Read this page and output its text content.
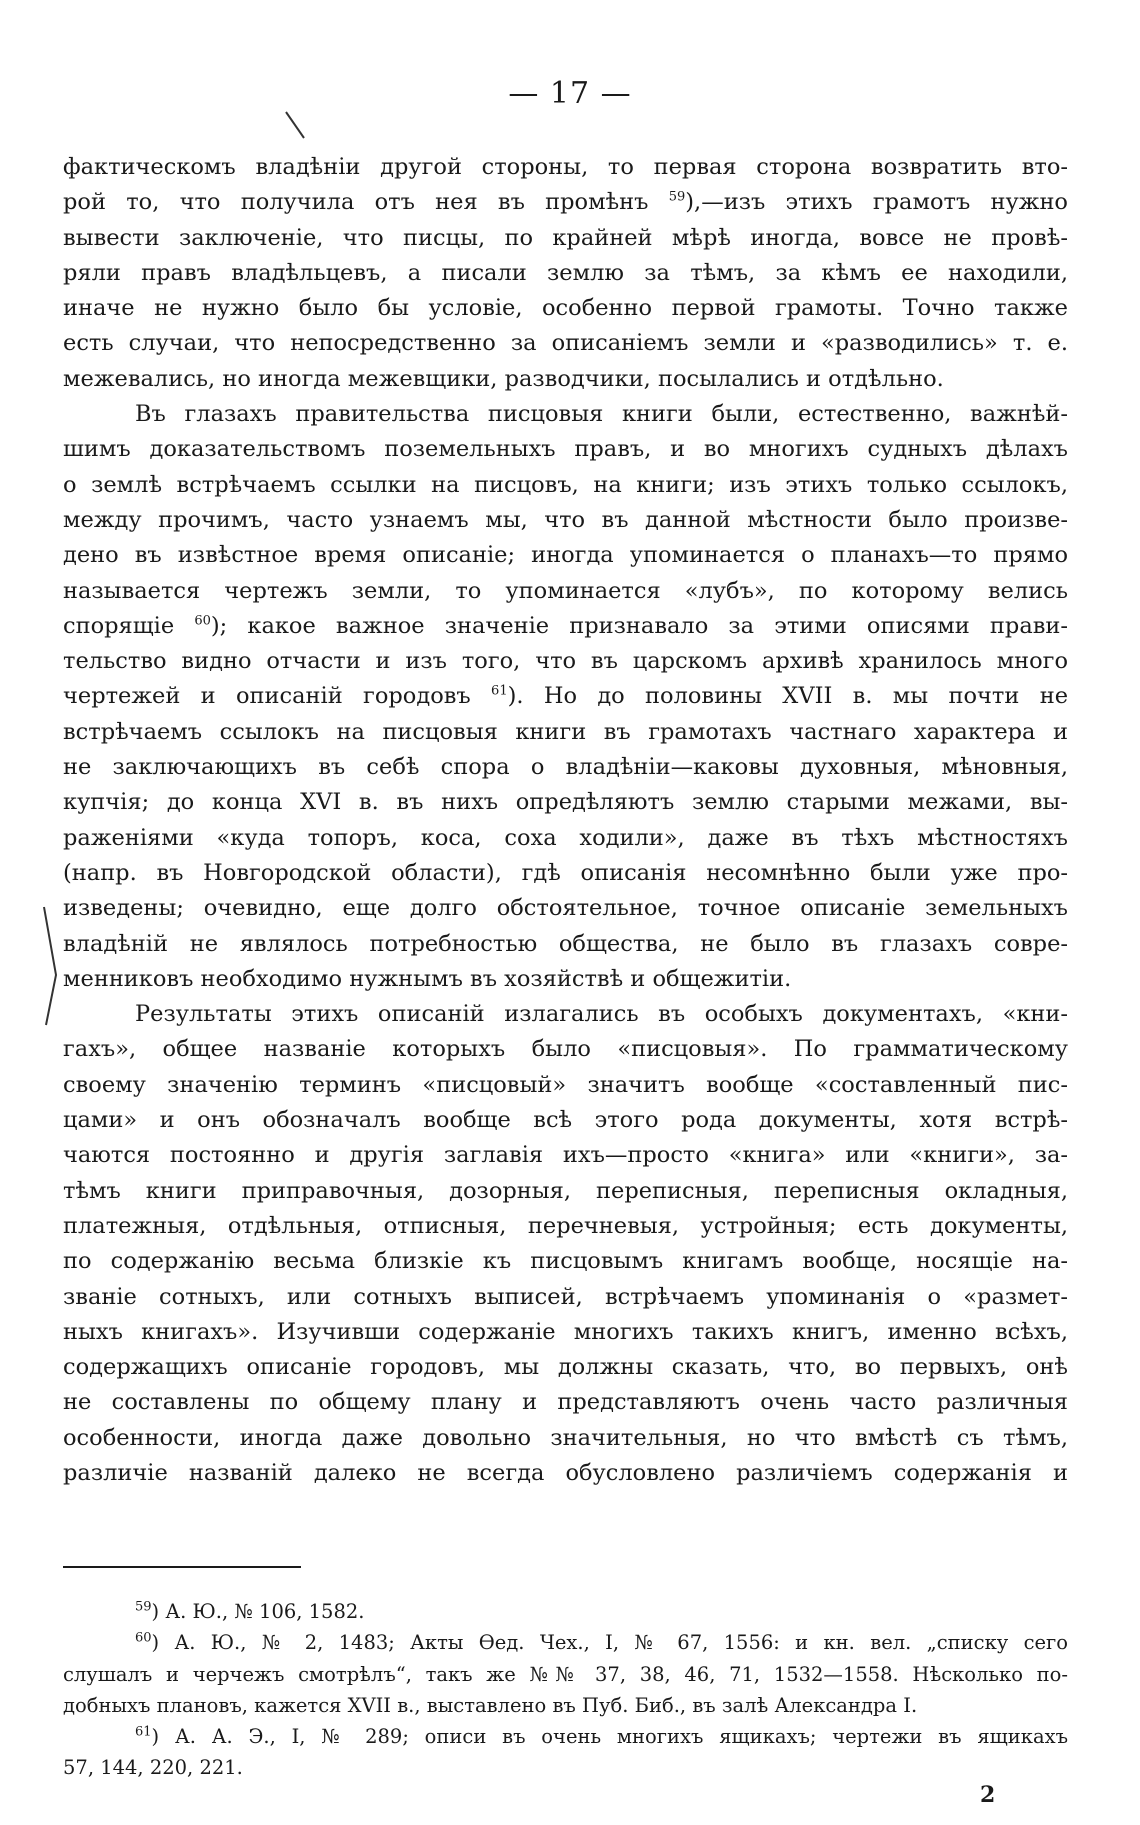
— 17 —
фактическомъ владѣніи другой стороны, то первая сторона возвратить вто-
рой то, что получила отъ нея въ промѣнъ $^{59}$),—изъ этихъ грамотъ нужно
вывести заключеніе, что писцы, по крайней мѣрѣ иногда, вовсе не провѣ-
ряли правъ владѣльцевъ, а писали землю за тѣмъ, за кѣмъ ее находили,
иначе не нужно было бы условіе, особенно первой грамоты. Точно также
есть случаи, что непосредственно за описаніемъ земли и «разводились» т. е.
межевались, но иногда межевщики, разводчики, посылались и отдѣльно.
Въ глазахъ правительства писцовыя книги были, естественно, важнѣй-
шимъ доказательствомъ поземельныхъ правъ, и во многихъ судныхъ дѣлахъ
о землѣ встрѣчаемъ ссылки на писцовъ, на книги; изъ этихъ только ссылокъ,
между прочимъ, часто узнаемъ мы, что въ данной мѣстности было произве-
дено въ извѣстное время описаніе; иногда упоминается о планахъ—то прямо
называется чертежъ земли, то упоминается «лубъ», по которому велись
спорящіе $^{60}$); какое важное значеніе признавало за этими описями прави-
тельство видно отчасти и изъ того, что въ царскомъ архивѣ хранилось много
чертежей и описаній городовъ $^{61}$). Но до половины XVII в. мы почти не
встрѣчаемъ ссылокъ на писцовыя книги въ грамотахъ частнаго характера и
не заключающихъ въ себѣ спора о владѣніи—каковы духовныя, мѣновныя,
купчія; до конца XVI в. въ нихъ опредѣляютъ землю старыми межами, вы-
раженіями «куда топоръ, коса, соха ходили», даже въ тѣхъ мѣстностяхъ
(напр. въ Новгородской области), гдѣ описанія несомнѣнно были уже про-
изведены; очевидно, еще долго обстоятельное, точное описаніе земельныхъ
владѣній не являлось потребностью общества, не было въ глазахъ совре-
менниковъ необходимо нужнымъ въ хозяйствѣ и общежитіи.
Результаты этихъ описаній излагались въ особыхъ документахъ, «кни-
гахъ», общее названіе которыхъ было «писцовыя». По грамматическому
своему значенію терминъ «писцовый» значитъ вообще «составленный пис-
цами» и онъ обозначалъ вообще всѣ этого рода документы, хотя встрѣ-
чаются постоянно и другія заглавія ихъ—просто «книга» или «книги», за-
тѣмъ книги приправочныя, дозорныя, переписныя, переписныя окладныя,
платежныя, отдѣльныя, отписныя, перечневыя, устройныя; есть документы,
по содержанію весьма близкіе къ писцовымъ книгамъ вообще, носящіе на-
званіе сотныхъ, или сотныхъ выписей, встрѣчаемъ упоминанія о «размет-
ныхъ книгахъ». Изучивши содержаніе многихъ такихъ книгъ, именно всѣхъ,
содержащихъ описаніе городовъ, мы должны сказать, что, во первыхъ, онѣ
не составлены по общему плану и представляютъ очень часто различныя
особенности, иногда даже довольно значительныя, но что вмѣстѣ съ тѣмъ,
различіе названій далеко не всегда обусловлено различіемъ содержанія и
$^{59}$) А. Ю., № 106, 1582.
$^{60}$) А. Ю., № 2, 1483; Акты Ѳед. Чех., I, № 67, 1556: и кн. вел. „списку сего
слушалъ и черчежъ смотрѣлъ“, такъ же №№ 37, 38, 46, 71, 1532—1558. Нѣсколько по-
добныхъ плановъ, кажется XVII в., выставлено въ Пуб. Биб., въ залѣ Александра I.
$^{61}$) А. А. Э., I, № 289; описи въ очень многихъ ящикахъ; чертежи въ ящикахъ
57, 144, 220, 221.
2
